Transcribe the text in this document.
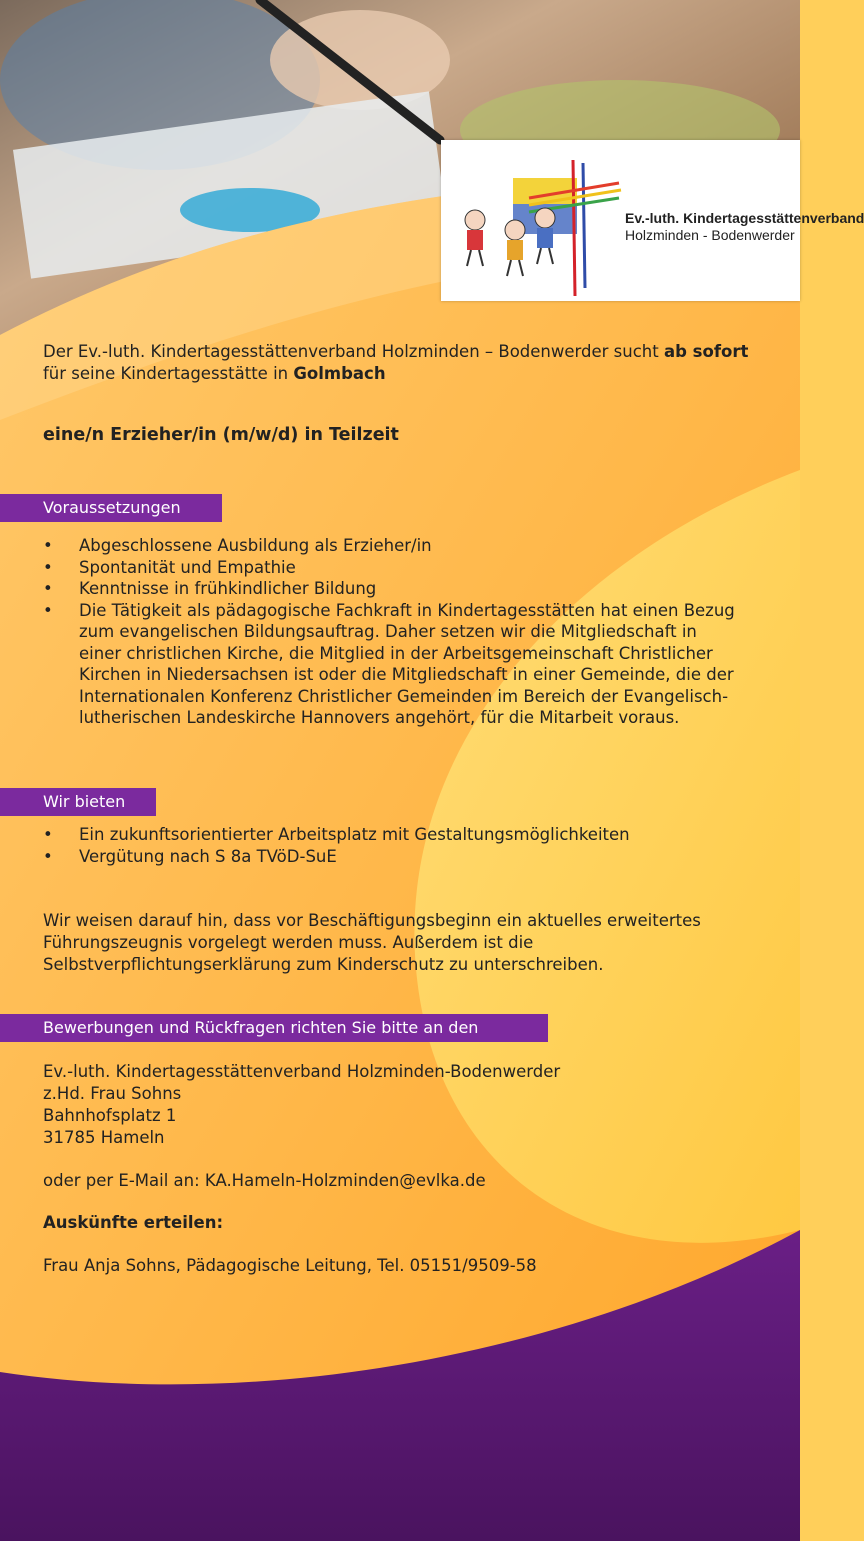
Ev.-luth. Kindertagesstättenverband
Holzminden - Bodenwerder

Der Ev.-luth. Kindertagesstättenverband Holzminden – Bodenwerder sucht ab sofort für seine Kindertagesstätte in Golmbach

eine/n Erzieher/in (m/w/d) in Teilzeit

Voraussetzungen
• Abgeschlossene Ausbildung als Erzieher/in
• Spontanität und Empathie
• Kenntnisse in frühkindlicher Bildung
• Die Tätigkeit als pädagogische Fachkraft in Kindertagesstätten hat einen Bezug zum evangelischen Bildungsauftrag. Daher setzen wir die Mitgliedschaft in einer christlichen Kirche, die Mitglied in der Arbeitsgemeinschaft Christlicher Kirchen in Niedersachsen ist oder die Mitgliedschaft in einer Gemeinde, die der Internationalen Konferenz Christlicher Gemeinden im Bereich der Evangelisch-lutherischen Landeskirche Hannovers angehört, für die Mitarbeit voraus.
Wir bieten
• Ein zukunftsorientierter Arbeitsplatz mit Gestaltungsmöglichkeiten
• Vergütung nach S 8a TVöD-SuE

Wir weisen darauf hin, dass vor Beschäftigungsbeginn ein aktuelles erweitertes Führungszeugnis vorgelegt werden muss. Außerdem ist die Selbstverpflichtungserklärung zum Kinderschutz zu unterschreiben.

Bewerbungen und Rückfragen richten Sie bitte an den
Ev.-luth. Kindertagesstättenverband Holzminden-Bodenwerder
z.Hd. Frau Sohns
Bahnhofsplatz 1
31785 Hameln

oder per E-Mail an: KA.Hameln-Holzminden@evlka.de

Auskünfte erteilen:

Frau Anja Sohns, Pädagogische Leitung, Tel. 05151/9509-58
